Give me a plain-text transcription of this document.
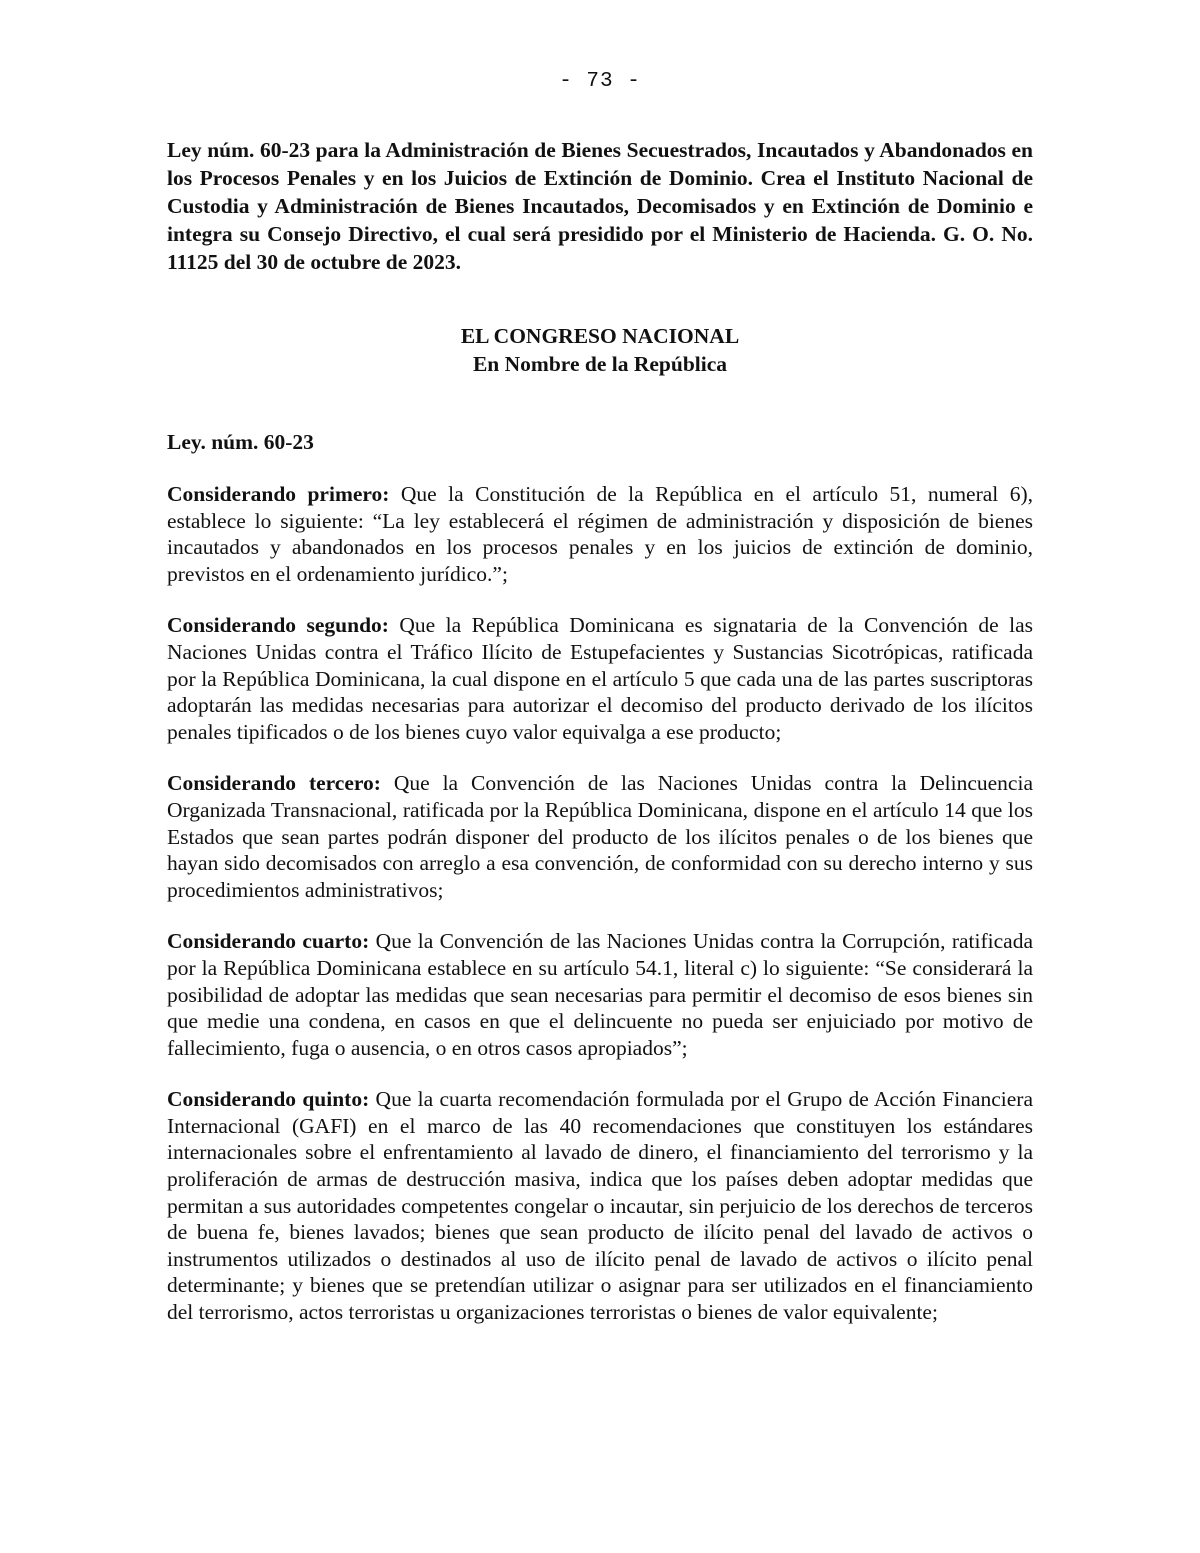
- 73 -

Ley núm. 60-23 para la Administración de Bienes Secuestrados, Incautados y Abandonados en los Procesos Penales y en los Juicios de Extinción de Dominio. Crea el Instituto Nacional de Custodia y Administración de Bienes Incautados, Decomisados y en Extinción de Dominio e integra su Consejo Directivo, el cual será presidido por el Ministerio de Hacienda. G. O. No. 11125 del 30 de octubre de 2023.

EL CONGRESO NACIONAL
En Nombre de la República
Ley. núm. 60-23

Considerando primero: Que la Constitución de la República en el artículo 51, numeral 6), establece lo siguiente: “La ley establecerá el régimen de administración y disposición de bienes incautados y abandonados en los procesos penales y en los juicios de extinción de dominio, previstos en el ordenamiento jurídico.”;

Considerando segundo: Que la República Dominicana es signataria de la Convención de las Naciones Unidas contra el Tráfico Ilícito de Estupefacientes y Sustancias Sicotrópicas, ratificada por la República Dominicana, la cual dispone en el artículo 5 que cada una de las partes suscriptoras adoptarán las medidas necesarias para autorizar el decomiso del producto derivado de los ilícitos penales tipificados o de los bienes cuyo valor equivalga a ese producto;

Considerando tercero: Que la Convención de las Naciones Unidas contra la Delincuencia Organizada Transnacional, ratificada por la República Dominicana, dispone en el artículo 14 que los Estados que sean partes podrán disponer del producto de los ilícitos penales o de los bienes que hayan sido decomisados con arreglo a esa convención, de conformidad con su derecho interno y sus procedimientos administrativos;

Considerando cuarto: Que la Convención de las Naciones Unidas contra la Corrupción, ratificada por la República Dominicana establece en su artículo 54.1, literal c) lo siguiente: “Se considerará la posibilidad de adoptar las medidas que sean necesarias para permitir el decomiso de esos bienes sin que medie una condena, en casos en que el delincuente no pueda ser enjuiciado por motivo de fallecimiento, fuga o ausencia, o en otros casos apropiados”;

Considerando quinto: Que la cuarta recomendación formulada por el Grupo de Acción Financiera Internacional (GAFI) en el marco de las 40 recomendaciones que constituyen los estándares internacionales sobre el enfrentamiento al lavado de dinero, el financiamiento del terrorismo y la proliferación de armas de destrucción masiva, indica que los países deben adoptar medidas que permitan a sus autoridades competentes congelar o incautar, sin perjuicio de los derechos de terceros de buena fe, bienes lavados; bienes que sean producto de ilícito penal del lavado de activos o instrumentos utilizados o destinados al uso de ilícito penal de lavado de activos o ilícito penal determinante; y bienes que se pretendían utilizar o asignar para ser utilizados en el financiamiento del terrorismo, actos terroristas u organizaciones terroristas o bienes de valor equivalente;
